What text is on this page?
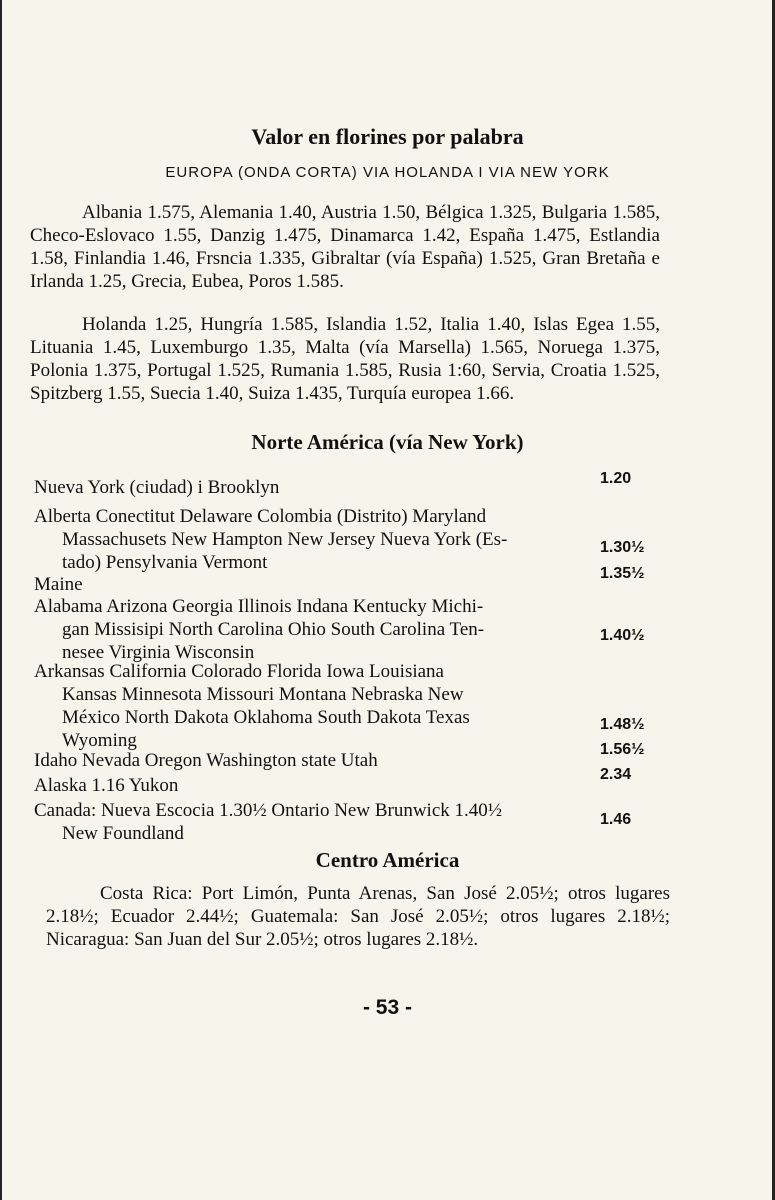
Valor en florines por palabra
EUROPA (ONDA CORTA) VIA HOLANDA I VIA NEW YORK
Albania 1.575, Alemania 1.40, Austria 1.50, Bélgica 1.325, Bulgaria 1.585, Checo-Eslovaco 1.55, Danzig 1.475, Dinamarca 1.42, España 1.475, Estlandia 1.58, Finlandia 1.46, Frsncia 1.335, Gibraltar (vía España) 1.525, Gran Bretaña e Irlanda 1.25, Grecia, Eubea, Poros 1.585.
Holanda 1.25, Hungría 1.585, Islandia 1.52, Italia 1.40, Islas Egea 1.55, Lituania 1.45, Luxemburgo 1.35, Malta (vía Marsella) 1.565, Noruega 1.375, Polonia 1.375, Portugal 1.525, Rumania 1.585, Rusia 1:60, Servia, Croatia 1.525, Spitzberg 1.55, Suecia 1.40, Suiza 1.435, Turquía europea 1.66.
Norte América (vía New York)
Nueva York (ciudad) i Brooklyn	1.20
Alberta Conectitut Delaware Colombia (Distrito) Maryland
Massachusets New Hampton New Jersey Nueva York (Es-
tado) Pensylvania Vermont
1.30½
Maine
1.35½
Alabama Arizona Georgia Illinois Indana Kentucky Michi-
gan Missisipi North Carolina Ohio South Carolina Ten-
nesee Virginia Wisconsin
1.40½
Arkansas California Colorado Florida Iowa Louisiana
Kansas Minnesota Missouri Montana Nebraska New
México North Dakota Oklahoma South Dakota Texas
Wyoming
1.48½
Idaho Nevada Oregon Washington state Utah
1.56½
Alaska 1.16 Yukon
2.34
Canada: Nueva Escocia 1.30½ Ontario New Brunwick 1.40½
New Foundland
1.46
Centro América
Costa Rica: Port Limón, Punta Arenas, San José 2.05½; otros lugares 2.18½; Ecuador 2.44½; Guatemala: San José 2.05½; otros lugares 2.18½; Nicaragua: San Juan del Sur 2.05½; otros lugares 2.18½.
- 53 -
